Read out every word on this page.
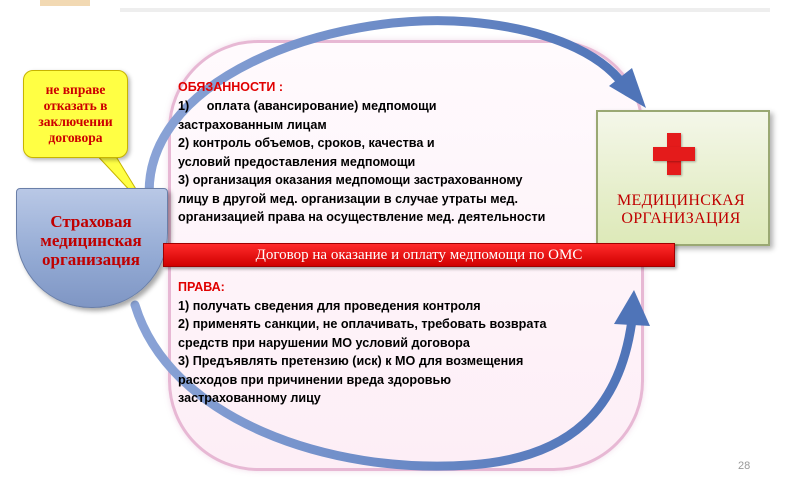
не вправе
отказать в
заключении
договора
Страховая
медицинская
организация
МЕДИЦИНСКАЯ
ОРГАНИЗАЦИЯ
Договор на оказание и оплату медпомощи по ОМС
ОБЯЗАННОСТИ :
1)     оплата (авансирование) медпомощи
застрахованным лицам
2) контроль объемов, сроков, качества и
условий предоставления медпомощи
3) организация оказания медпомощи застрахованному
лицу в другой мед. организации в случае утраты мед.
организацией права на осуществление мед. деятельности
ПРАВА:
1) получать сведения для проведения контроля
2) применять санкции, не оплачивать, требовать возврата
средств при нарушении МО условий договора
3) Предъявлять претензию (иск) к МО для возмещения
расходов при причинении вреда здоровью
застрахованному лицу
28
